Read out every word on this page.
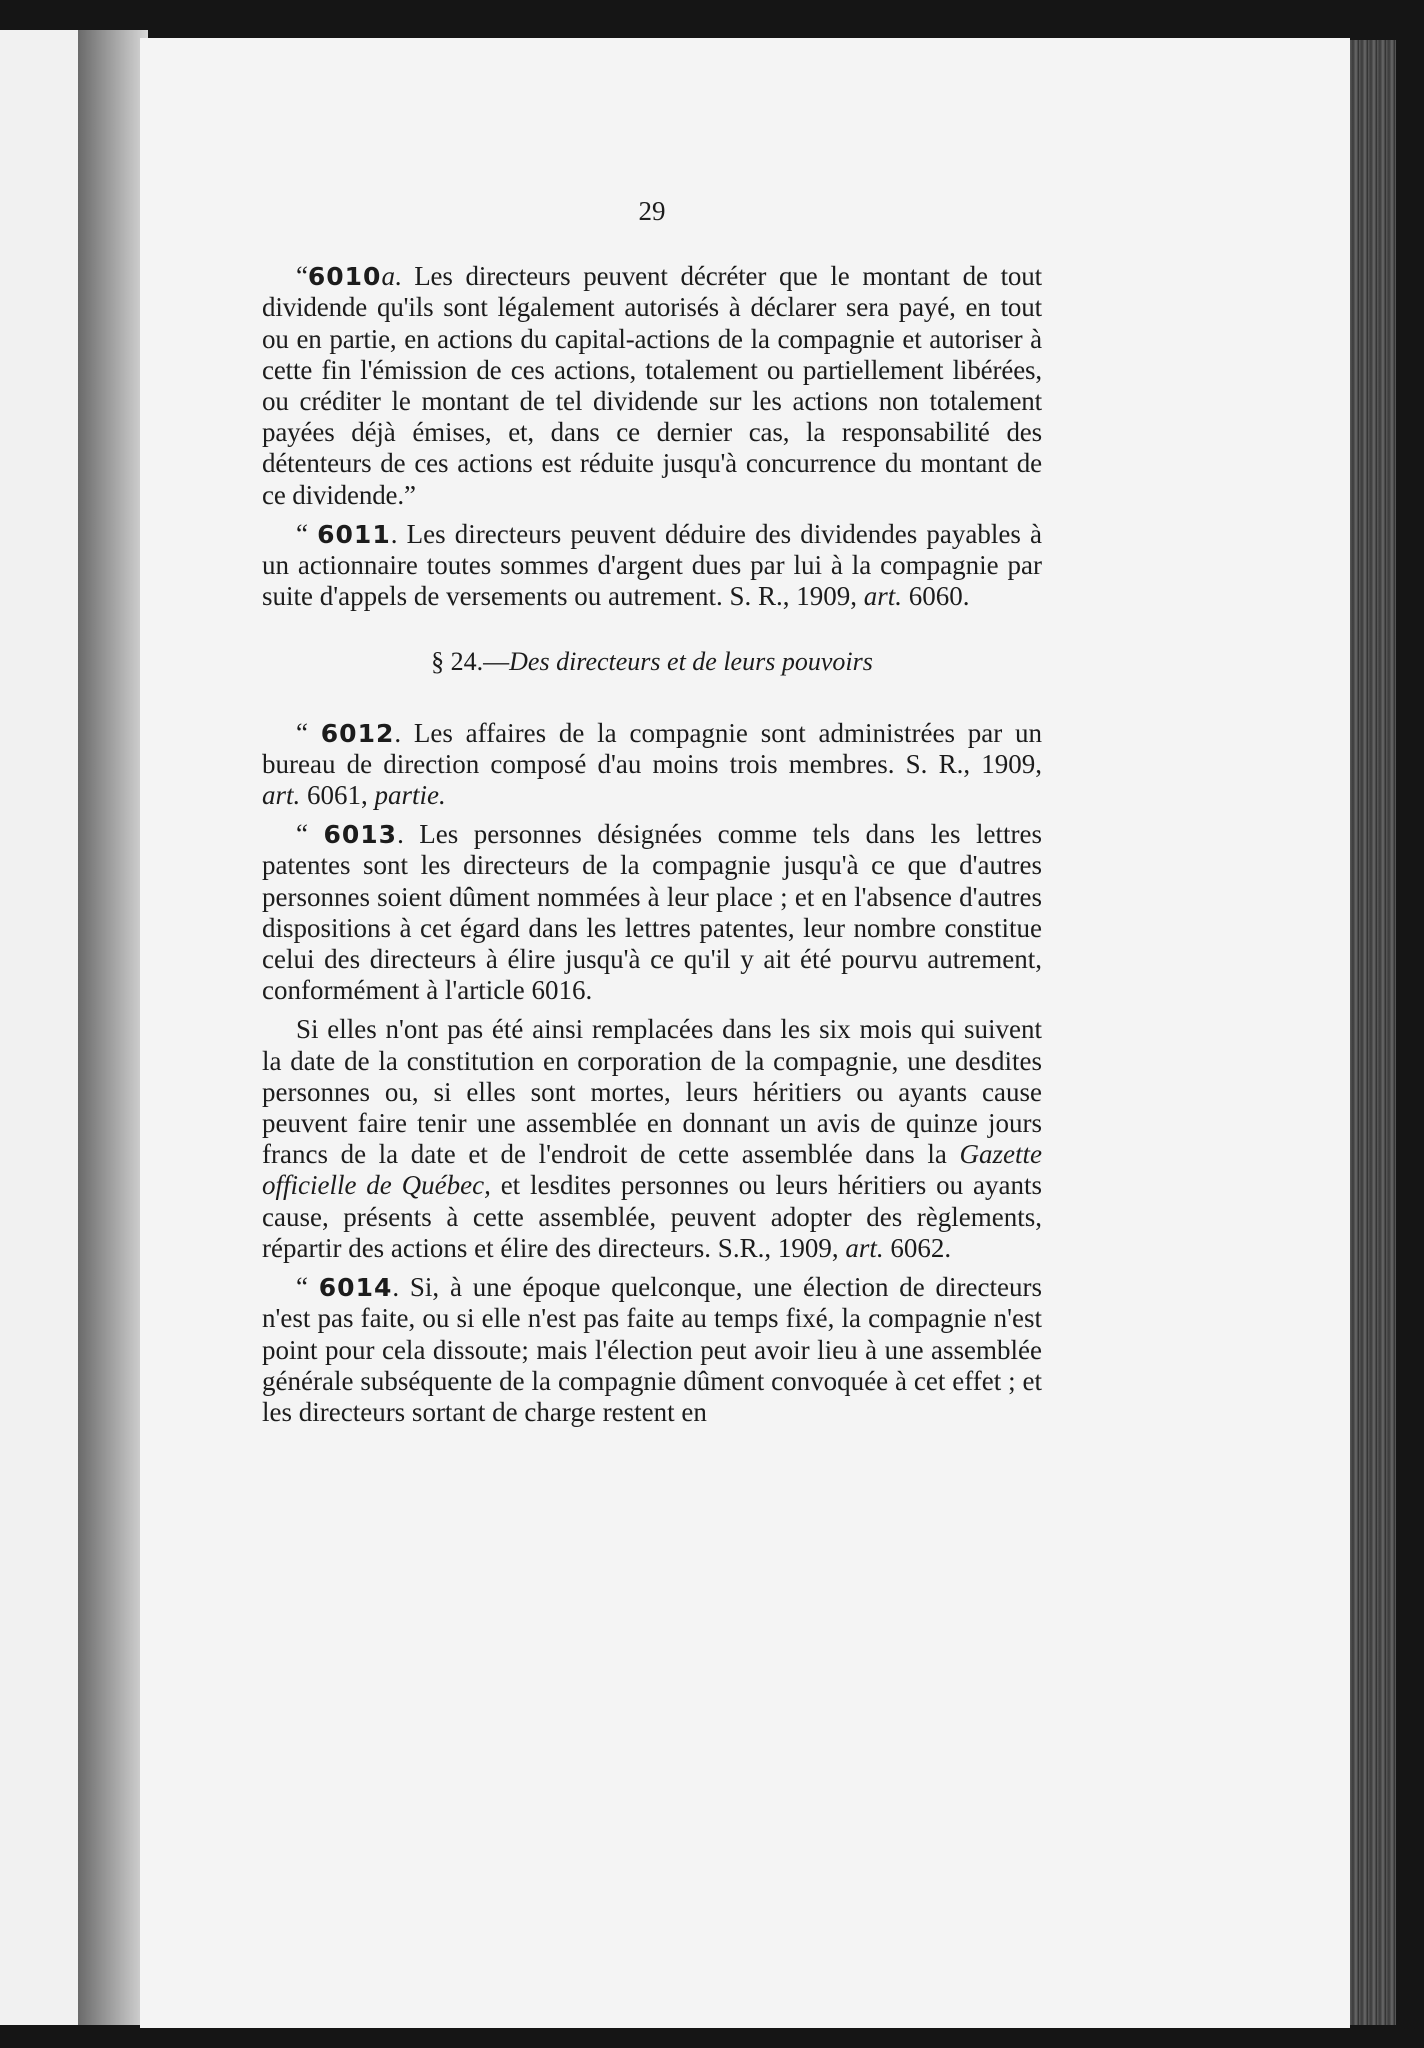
29

“6010a. Les directeurs peuvent décréter que le montant de tout dividende qu'ils sont légalement autorisés à déclarer sera payé, en tout ou en partie, en actions du capital-actions de la compagnie et autoriser à cette fin l'émission de ces actions, totalement ou partiellement libérées, ou créditer le montant de tel dividende sur les actions non totalement payées déjà émises, et, dans ce dernier cas, la responsabilité des détenteurs de ces actions est réduite jusqu'à concurrence du montant de ce dividende.”

“ 6011. Les directeurs peuvent déduire des dividendes payables à un actionnaire toutes sommes d'argent dues par lui à la compagnie par suite d'appels de versements ou autrement. S. R., 1909, art. 6060.

§ 24.—Des directeurs et de leurs pouvoirs

“ 6012. Les affaires de la compagnie sont administrées par un bureau de direction composé d'au moins trois membres. S. R., 1909, art. 6061, partie.

“ 6013. Les personnes désignées comme tels dans les lettres patentes sont les directeurs de la compagnie jusqu'à ce que d'autres personnes soient dûment nommées à leur place ; et en l'absence d'autres dispositions à cet égard dans les lettres patentes, leur nombre constitue celui des directeurs à élire jusqu'à ce qu'il y ait été pourvu autrement, conformément à l'article 6016.

Si elles n'ont pas été ainsi remplacées dans les six mois qui suivent la date de la constitution en corporation de la compagnie, une desdites personnes ou, si elles sont mortes, leurs héritiers ou ayants cause peuvent faire tenir une assemblée en donnant un avis de quinze jours francs de la date et de l'endroit de cette assemblée dans la Gazette officielle de Québec, et lesdites personnes ou leurs héritiers ou ayants cause, présents à cette assemblée, peuvent adopter des règlements, répartir des actions et élire des directeurs. S.R., 1909, art. 6062.

“ 6014. Si, à une époque quelconque, une élection de directeurs n'est pas faite, ou si elle n'est pas faite au temps fixé, la compagnie n'est point pour cela dissoute; mais l'élection peut avoir lieu à une assemblée générale subséquente de la compagnie dûment convoquée à cet effet ; et les directeurs sortant de charge restent en
